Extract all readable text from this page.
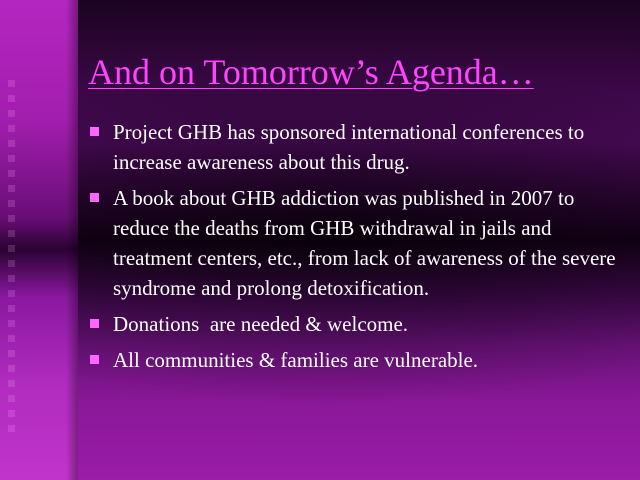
And on Tomorrow’s Agenda…
Project GHB has sponsored international conferences to increase awareness about this drug.
A book about GHB addiction was published in 2007 to reduce the deaths from GHB withdrawal in jails and treatment centers, etc., from lack of awareness of the severe syndrome and prolong detoxification.
Donations  are needed & welcome.
All communities & families are vulnerable.
